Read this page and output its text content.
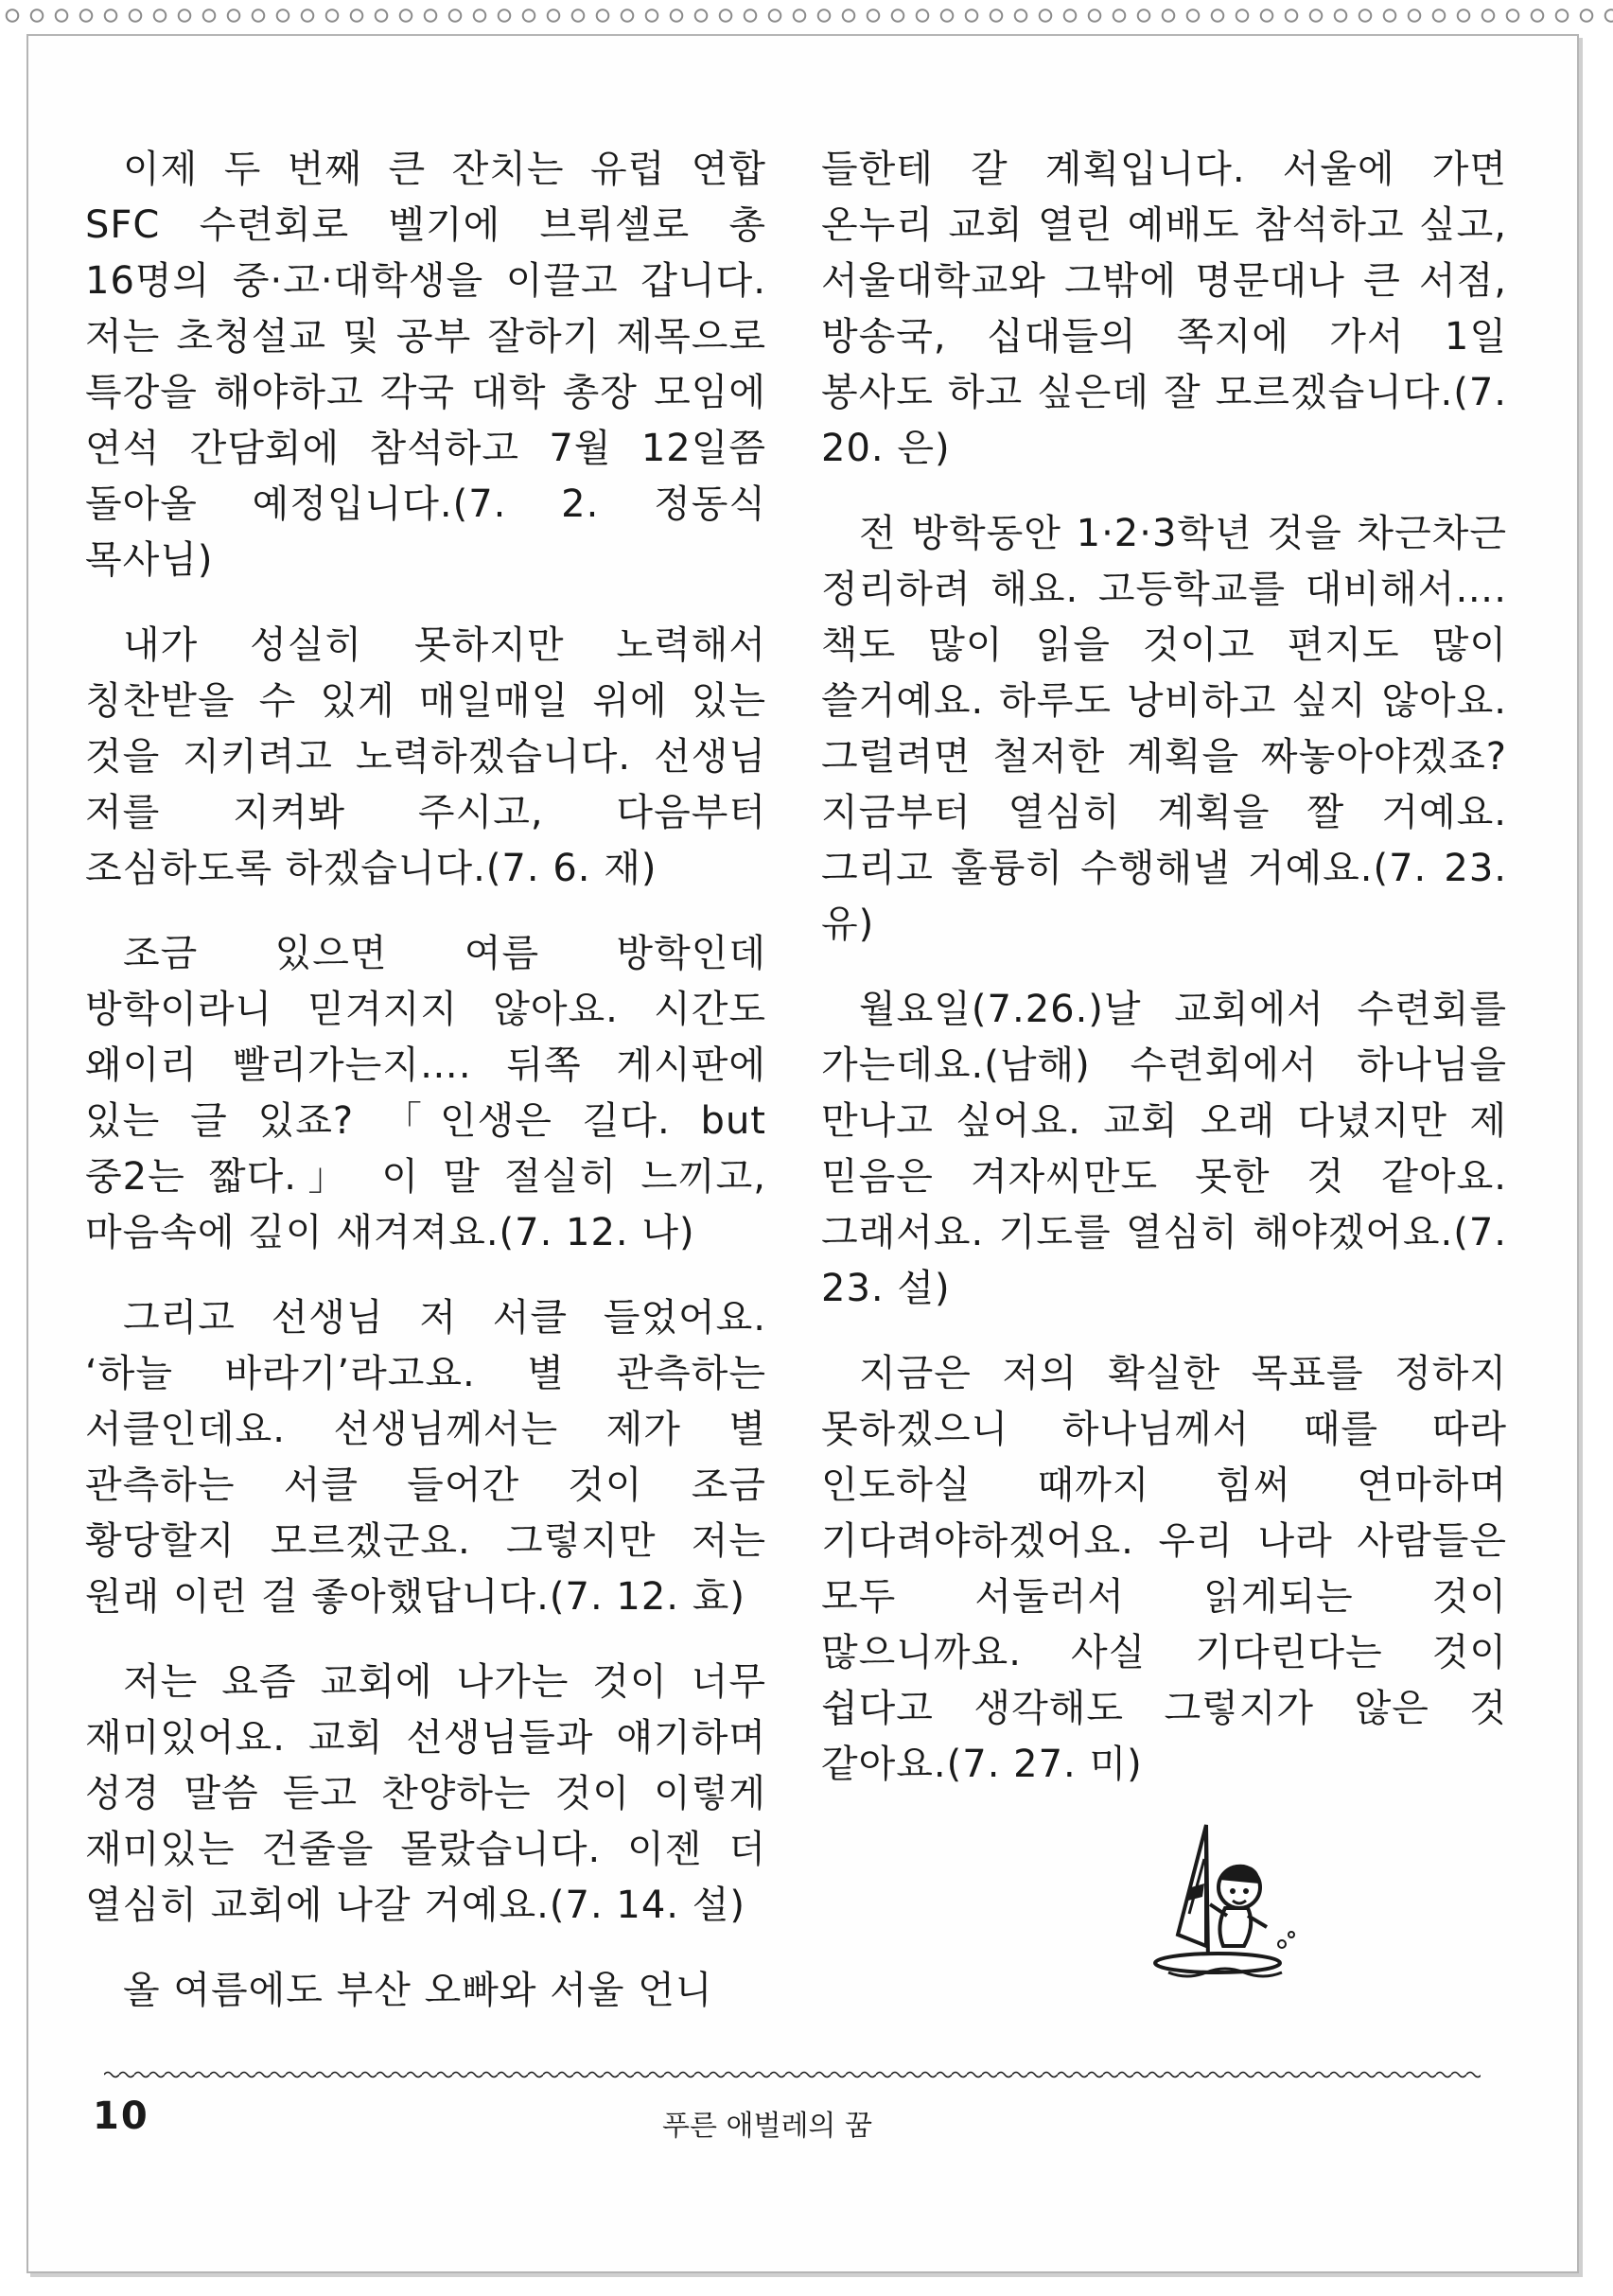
이제 두 번째 큰 잔치는 유럽 연합 SFC 수련회로 벨기에 브뤼셀로 총 16명의 중·고·대학생을 이끌고 갑니다. 저는 초청설교 및 공부 잘하기 제목으로 특강을 해야하고 각국 대학 총장 모임에 연석 간담회에 참석하고 7월 12일쯤 돌아올 예정입니다.(7. 2. 정동식 목사님)

내가 성실히 못하지만 노력해서 칭찬받을 수 있게 매일매일 위에 있는 것을 지키려고 노력하겠습니다. 선생님 저를 지켜봐 주시고, 다음부터 조심하도록 하겠습니다.(7. 6. 재)

조금 있으면 여름 방학인데 방학이라니 믿겨지지 않아요. 시간도 왜이리 빨리가는지…. 뒤쪽 게시판에 있는 글 있죠? 「인생은 길다. but 중2는 짧다.」 이 말 절실히 느끼고, 마음속에 깊이 새겨져요.(7. 12. 나)

그리고 선생님 저 서클 들었어요. ‘하늘 바라기’라고요. 별 관측하는 서클인데요. 선생님께서는 제가 별 관측하는 서클 들어간 것이 조금 황당할지 모르겠군요. 그렇지만 저는 원래 이런 걸 좋아했답니다.(7. 12. 효)

저는 요즘 교회에 나가는 것이 너무 재미있어요. 교회 선생님들과 얘기하며 성경 말씀 듣고 찬양하는 것이 이렇게 재미있는 건줄을 몰랐습니다. 이젠 더 열심히 교회에 나갈 거예요.(7. 14. 설)

올 여름에도 부산 오빠와 서울 언니

들한테 갈 계획입니다. 서울에 가면 온누리 교회 열린 예배도 참석하고 싶고, 서울대학교와 그밖에 명문대나 큰 서점, 방송국, 십대들의 쪽지에 가서 1일 봉사도 하고 싶은데 잘 모르겠습니다.(7. 20. 은)

전 방학동안 1·2·3학년 것을 차근차근 정리하려 해요. 고등학교를 대비해서…. 책도 많이 읽을 것이고 편지도 많이 쓸거예요. 하루도 낭비하고 싶지 않아요. 그럴려면 철저한 계획을 짜놓아야겠죠? 지금부터 열심히 계획을 짤 거예요. 그리고 훌륭히 수행해낼 거예요.(7. 23. 유)

월요일(7.26.)날 교회에서 수련회를 가는데요.(남해) 수련회에서 하나님을 만나고 싶어요. 교회 오래 다녔지만 제 믿음은 겨자씨만도 못한 것 같아요. 그래서요. 기도를 열심히 해야겠어요.(7. 23. 설)

지금은 저의 확실한 목표를 정하지 못하겠으니 하나님께서 때를 따라 인도하실 때까지 힘써 연마하며 기다려야하겠어요. 우리 나라 사람들은 모두 서둘러서 읽게되는 것이 많으니까요. 사실 기다린다는 것이 쉽다고 생각해도 그렇지가 않은 것 같아요.(7. 27. 미)

10	푸른 애벌레의 꿈
